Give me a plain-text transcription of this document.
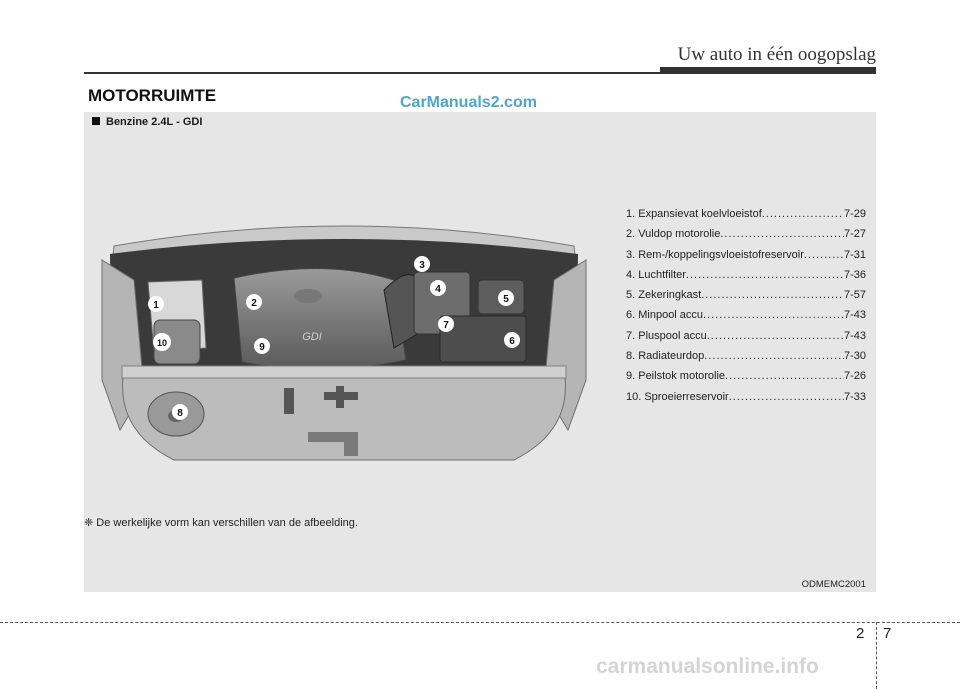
Uw auto in één oogopslag
MOTORRUIMTE
Benzine 2.4L - GDI
GDI
1	2
3
4
5
6
7
8
9
10
1. Expansievat koelvloeistof .....	7-29
2. Vuldop motorolie .....	7-27
3. Rem-/koppelingsvloeistofreservoir .....	7-31
4. Luchtfilter .....	7-36
5. Zekeringkast .....	7-57
6. Minpool accu .....	7-43
7. Pluspool accu .....	7-43
8. Radiateurdop .....	7-30
9. Peilstok motorolie .....	7-26
10. Sproeierreservoir .....	7-33
❈ De werkelijke vorm kan verschillen van de afbeelding.
ODMEMC2001
2 7
CarManuals2.com
carmanualsonline.info
